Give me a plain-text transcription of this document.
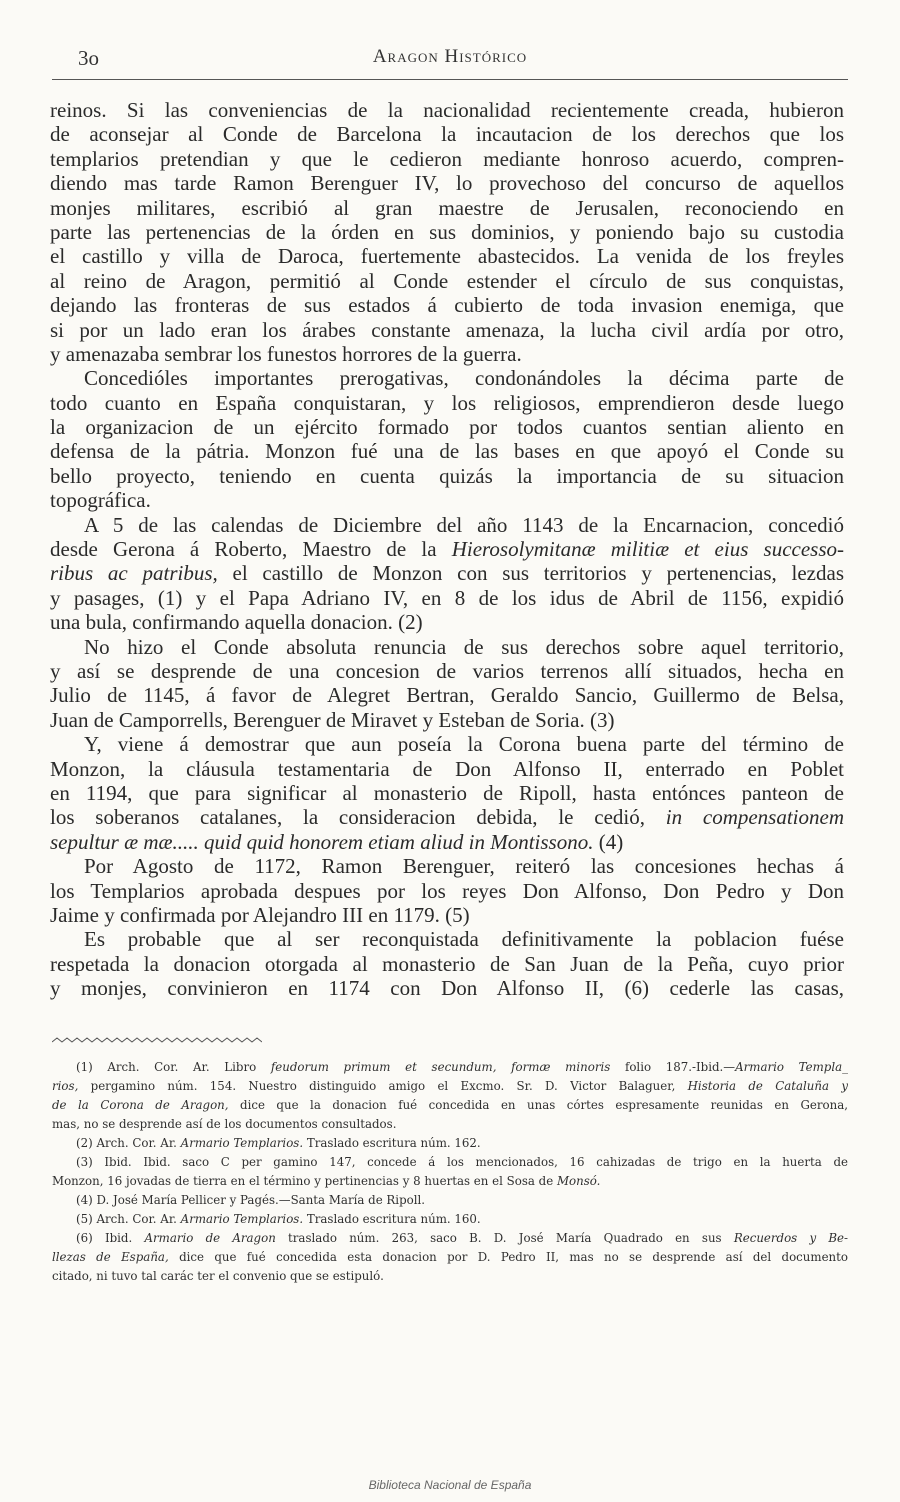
3o	Aragon Histórico
reinos. Si las conveniencias de la nacionalidad recientemente creada, hubieron
de aconsejar al Conde de Barcelona la incautacion de los derechos que los
templarios pretendian y que le cedieron mediante honroso acuerdo, compren-
diendo mas tarde Ramon Berenguer IV, lo provechoso del concurso de aquellos
monjes militares, escribió al gran maestre de Jerusalen, reconociendo en
parte las pertenencias de la órden en sus dominios, y poniendo bajo su custodia
el castillo y villa de Daroca, fuertemente abastecidos. La venida de los freyles
al reino de Aragon, permitió al Conde estender el círculo de sus conquistas,
dejando las fronteras de sus estados á cubierto de toda invasion enemiga, que
si por un lado eran los árabes constante amenaza, la lucha civil ardía por otro,
y amenazaba sembrar los funestos horrores de la guerra.
Concedióles importantes prerogativas, condonándoles la décima parte de
todo cuanto en España conquistaran, y los religiosos, emprendieron desde luego
la organizacion de un ejército formado por todos cuantos sentian aliento en
defensa de la pátria. Monzon fué una de las bases en que apoyó el Conde su
bello proyecto, teniendo en cuenta quizás la importancia de su situacion
topográfica.
A 5 de las calendas de Diciembre del año 1143 de la Encarnacion, concedió
desde Gerona á Roberto, Maestro de la Hierosolymitanæ militiæ et eius successo-
ribus ac patribus, el castillo de Monzon con sus territorios y pertenencias, lezdas
y pasages, (1) y el Papa Adriano IV, en 8 de los idus de Abril de 1156, expidió
una bula, confirmando aquella donacion. (2)
No hizo el Conde absoluta renuncia de sus derechos sobre aquel territorio,
y así se desprende de una concesion de varios terrenos allí situados, hecha en
Julio de 1145, á favor de Alegret Bertran, Geraldo Sancio, Guillermo de Belsa,
Juan de Camporrells, Berenguer de Miravet y Esteban de Soria. (3)
Y, viene á demostrar que aun poseía la Corona buena parte del término de
Monzon, la cláusula testamentaria de Don Alfonso II, enterrado en Poblet
en 1194, que para significar al monasterio de Ripoll, hasta entónces panteon de
los soberanos catalanes, la consideracion debida, le cedió, in compensationem
sepultur æ mæ..... quid quid honorem etiam aliud in Montissono. (4)
Por Agosto de 1172, Ramon Berenguer, reiteró las concesiones hechas á
los Templarios aprobada despues por los reyes Don Alfonso, Don Pedro y Don
Jaime y confirmada por Alejandro III en 1179. (5)
Es probable que al ser reconquistada definitivamente la poblacion fuése
respetada la donacion otorgada al monasterio de San Juan de la Peña, cuyo prior
y monjes, convinieron en 1174 con Don Alfonso II, (6) cederle las casas,
(1) Arch. Cor. Ar. Libro feudorum primum et secundum, formæ minoris folio 187.-Ibid.—Armario Templa_
rios, pergamino núm. 154. Nuestro distinguido amigo el Excmo. Sr. D. Victor Balaguer, Historia de Cataluña y
de la Corona de Aragon, dice que la donacion fué concedida en unas córtes espresamente reunidas en Gerona,
mas, no se desprende así de los documentos consultados.
(2) Arch. Cor. Ar. Armario Templarios. Traslado escritura núm. 162.
(3) Ibid. Ibid. saco C per gamino 147, concede á los mencionados, 16 cahizadas de trigo en la huerta de
Monzon, 16 jovadas de tierra en el término y pertinencias y 8 huertas en el Sosa de Monsó.
(4) D. José María Pellicer y Pagés.—Santa María de Ripoll.
(5) Arch. Cor. Ar. Armario Templarios. Traslado escritura núm. 160.
(6) Ibid. Armario de Aragon traslado núm. 263, saco B. D. José María Quadrado en sus Recuerdos y Be-
llezas de España, dice que fué concedida esta donacion por D. Pedro II, mas no se desprende así del documento
citado, ni tuvo tal carác ter el convenio que se estipuló.
Biblioteca Nacional de España
